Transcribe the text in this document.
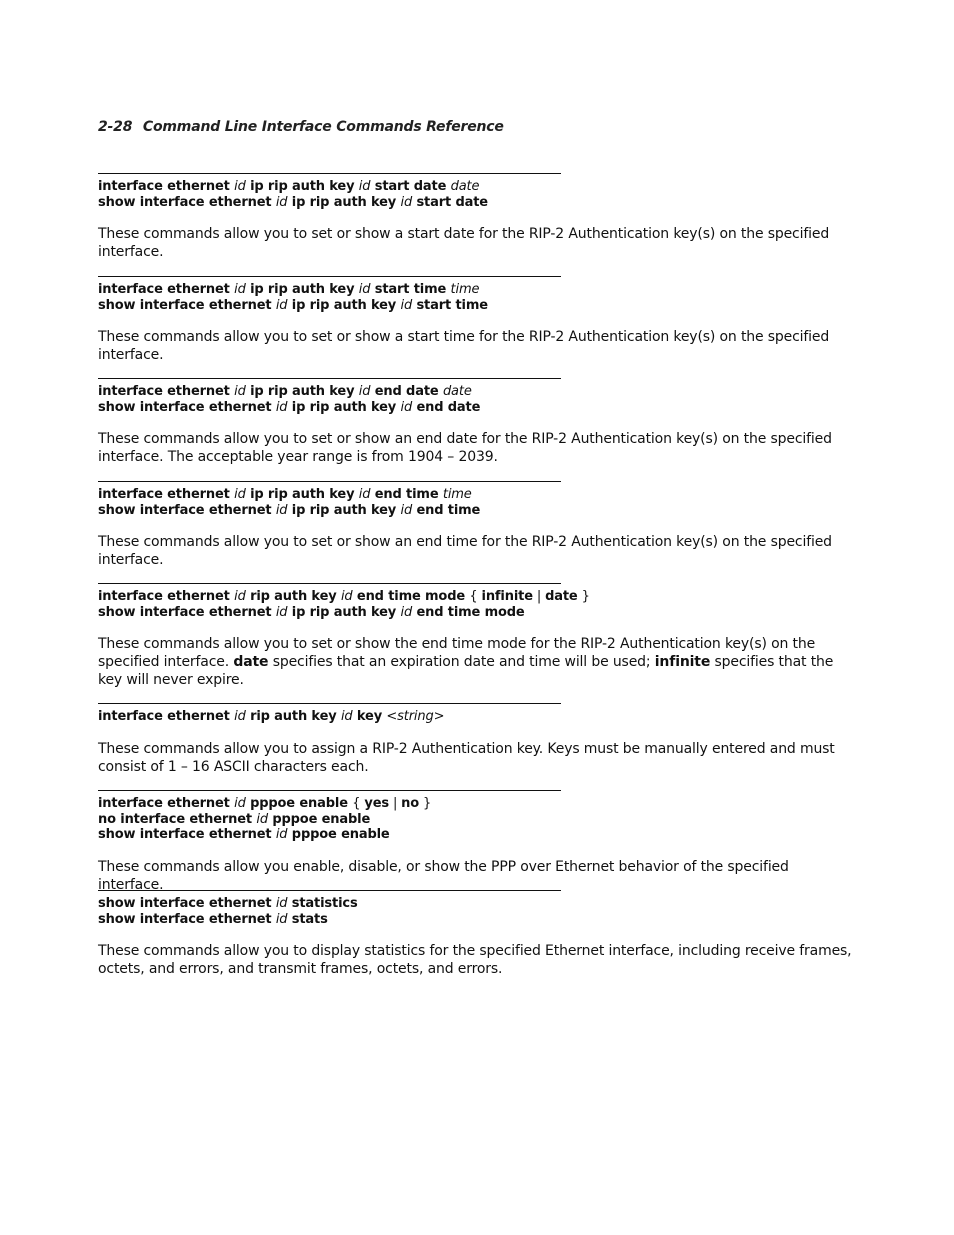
2-28 Command Line Interface Commands Reference
interface ethernet id ip rip auth key id start date date
show interface ethernet id ip rip auth key id start date
These commands allow you to set or show a start date for the RIP-2 Authentication key(s) on the specified interface.
interface ethernet id ip rip auth key id start time time
show interface ethernet id ip rip auth key id start time
These commands allow you to set or show a start time for the RIP-2 Authentication key(s) on the specified interface.
interface ethernet id ip rip auth key id end date date
show interface ethernet id ip rip auth key id end date
These commands allow you to set or show an end date for the RIP-2 Authentication key(s) on the specified interface. The acceptable year range is from 1904 – 2039.
interface ethernet id ip rip auth key id end time time
show interface ethernet id ip rip auth key id end time
These commands allow you to set or show an end time for the RIP-2 Authentication key(s) on the specified interface.
interface ethernet id rip auth key id end time mode { infinite | date }
show interface ethernet id ip rip auth key id end time mode
These commands allow you to set or show the end time mode for the RIP-2 Authentication key(s) on the specified interface. date specifies that an expiration date and time will be used; infinite specifies that the key will never expire.
interface ethernet id rip auth key id key <string>
These commands allow you to assign a RIP-2 Authentication key. Keys must be manually entered and must consist of 1 – 16 ASCII characters each.
interface ethernet id pppoe enable { yes | no }
no interface ethernet id pppoe enable
show interface ethernet id pppoe enable
These commands allow you enable, disable, or show the PPP over Ethernet behavior of the specified interface.
show interface ethernet id statistics
show interface ethernet id stats
These commands allow you to display statistics for the specified Ethernet interface, including receive frames, octets, and errors, and transmit frames, octets, and errors.
